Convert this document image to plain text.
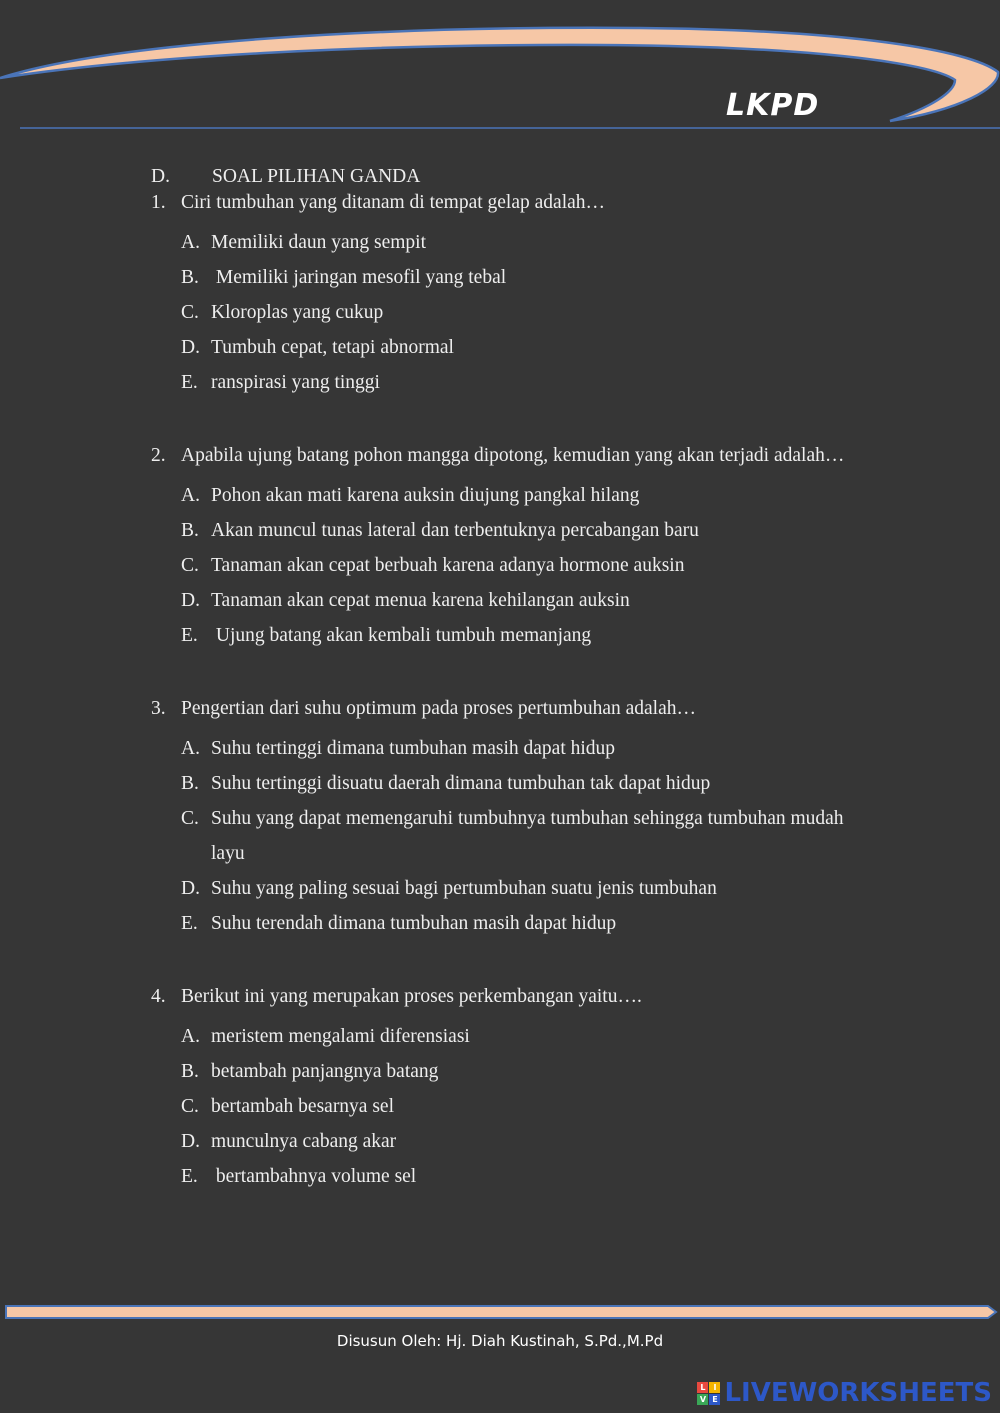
LKPD
D.	SOAL PILIHAN GANDA
1. Ciri tumbuhan yang ditanam di tempat gelap adalah…
A. Memiliki daun yang sempit
B. Memiliki jaringan mesofil yang tebal
C. Kloroplas yang cukup
D. Tumbuh cepat, tetapi abnormal
E. ranspirasi yang tinggi
2. Apabila ujung batang pohon mangga dipotong, kemudian yang akan terjadi adalah…
A. Pohon akan mati karena auksin diujung pangkal hilang
B. Akan muncul tunas lateral dan terbentuknya percabangan baru
C. Tanaman akan cepat berbuah karena adanya hormone auksin
D. Tanaman akan cepat menua karena kehilangan auksin
E. Ujung batang akan kembali tumbuh memanjang
3. Pengertian dari suhu optimum pada proses pertumbuhan adalah…
A. Suhu tertinggi dimana tumbuhan masih dapat hidup
B. Suhu tertinggi disuatu daerah dimana tumbuhan tak dapat hidup
C. Suhu yang dapat memengaruhi tumbuhnya tumbuhan sehingga tumbuhan mudah layu
D. Suhu yang paling sesuai bagi pertumbuhan suatu jenis tumbuhan
E. Suhu terendah dimana tumbuhan masih dapat hidup
4. Berikut ini yang merupakan proses perkembangan yaitu….
A. meristem mengalami diferensiasi
B. betambah panjangnya batang
C. bertambah besarnya sel
D. munculnya cabang akar
E. bertambahnya volume sel
Disusun Oleh: Hj. Diah Kustinah, S.Pd.,M.Pd
L I
V E LIVEWORKSHEETS
